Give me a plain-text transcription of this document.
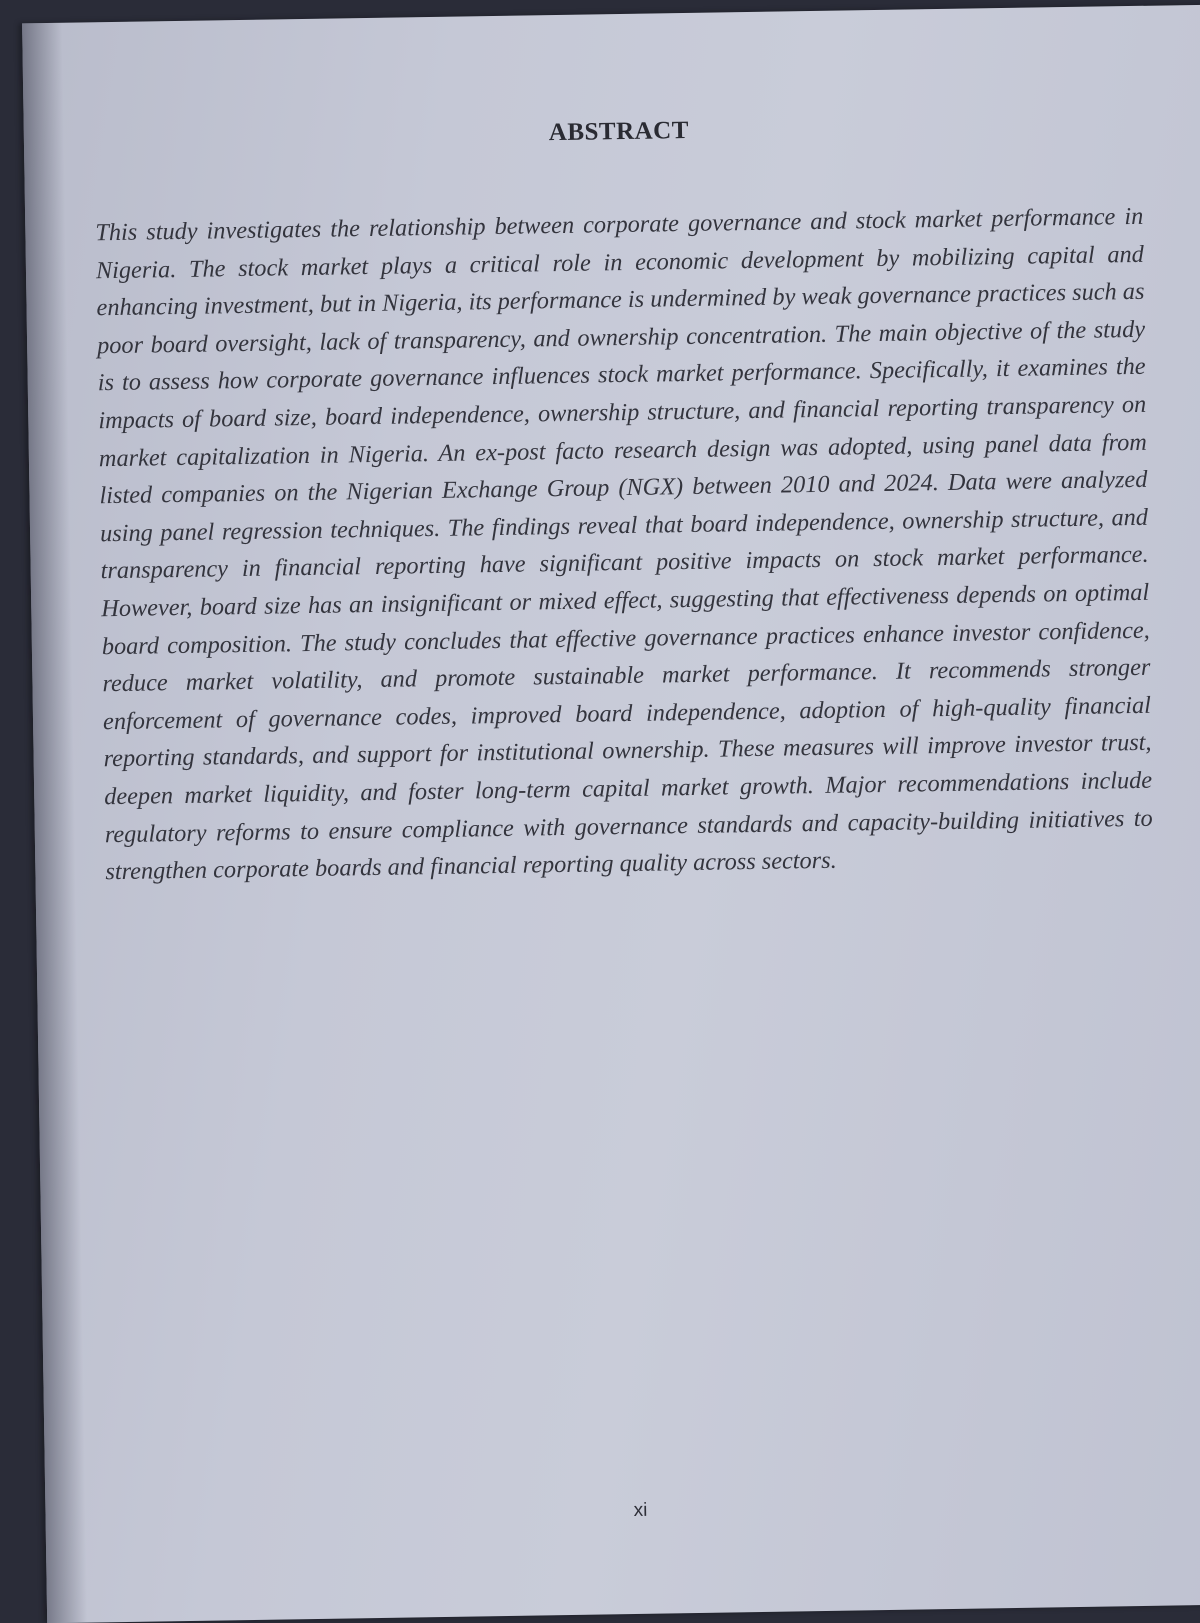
ABSTRACT

This study investigates the relationship between corporate governance and stock market performance in Nigeria. The stock market plays a critical role in economic development by mobilizing capital and enhancing investment, but in Nigeria, its performance is undermined by weak governance practices such as poor board oversight, lack of transparency, and ownership concentration. The main objective of the study is to assess how corporate governance influences stock market performance. Specifically, it examines the impacts of board size, board independence, ownership structure, and financial reporting transparency on market capitalization in Nigeria. An ex-post facto research design was adopted, using panel data from listed companies on the Nigerian Exchange Group (NGX) between 2010 and 2024. Data were analyzed using panel regression techniques. The findings reveal that board independence, ownership structure, and transparency in financial reporting have significant positive impacts on stock market performance. However, board size has an insignificant or mixed effect, suggesting that effectiveness depends on optimal board composition. The study concludes that effective governance practices enhance investor confidence, reduce market volatility, and promote sustainable market performance. It recommends stronger enforcement of governance codes, improved board independence, adoption of high-quality financial reporting standards, and support for institutional ownership. These measures will improve investor trust, deepen market liquidity, and foster long-term capital market growth. Major recommendations include regulatory reforms to ensure compliance with governance standards and capacity-building initiatives to strengthen corporate boards and financial reporting quality across sectors.

xi
